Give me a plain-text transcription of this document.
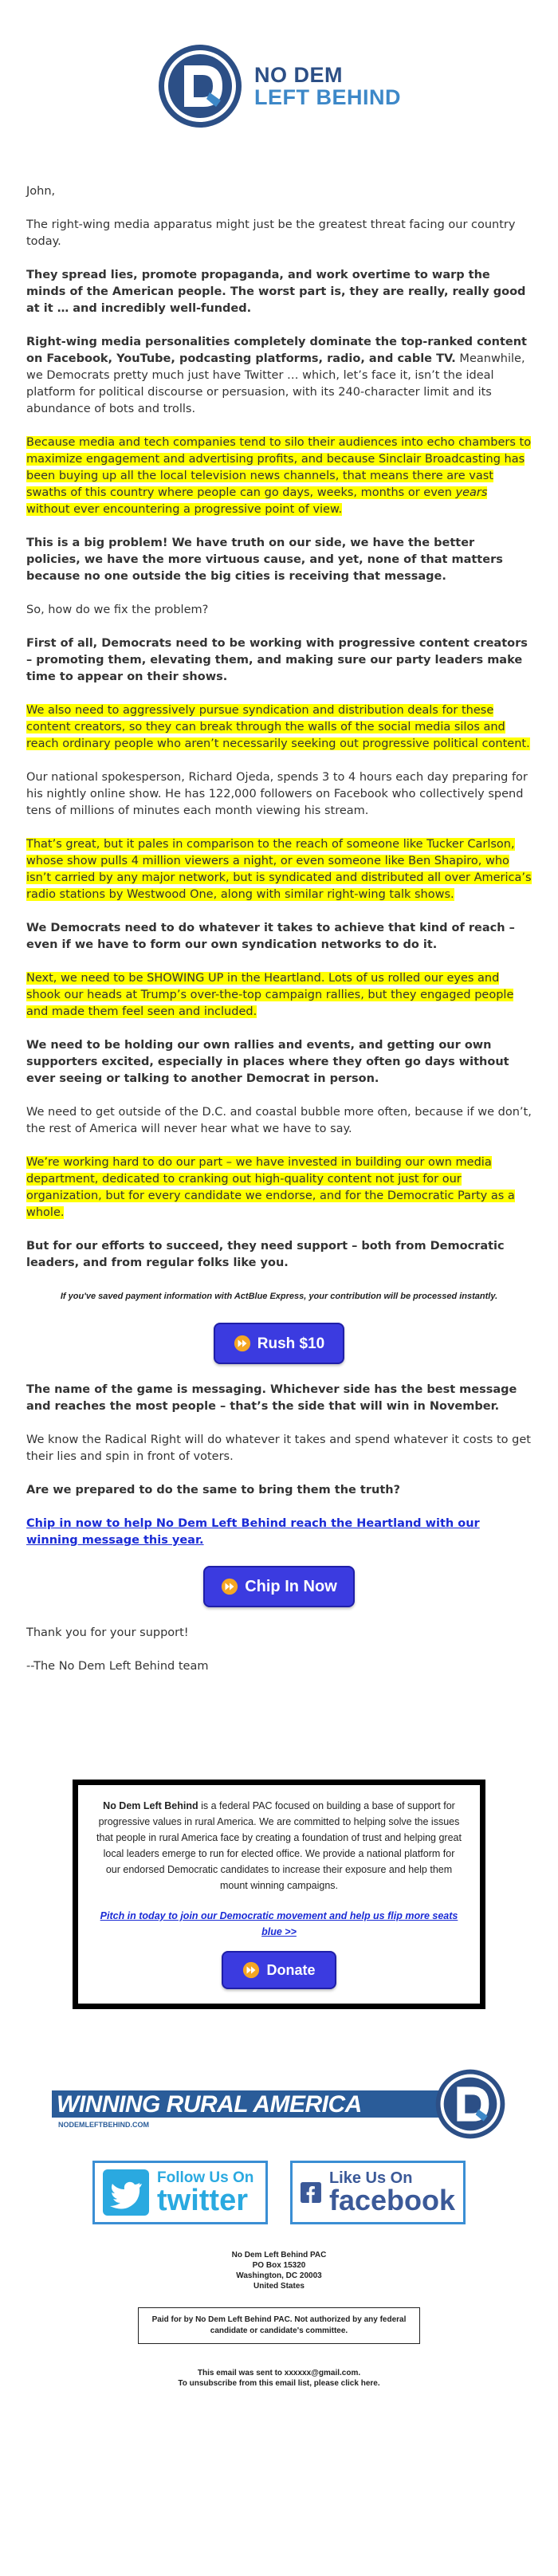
NO DEM
LEFT BEHIND

John,

The right-wing media apparatus might just be the greatest threat facing our country today.

They spread lies, promote propaganda, and work overtime to warp the minds of the American people. The worst part is, they are really, really good at it … and incredibly well-funded.

Right-wing media personalities completely dominate the top-ranked content on Facebook, YouTube, podcasting platforms, radio, and cable TV. Meanwhile, we Democrats pretty much just have Twitter … which, let’s face it, isn’t the ideal platform for political discourse or persuasion, with its 240-character limit and its abundance of bots and trolls.

Because media and tech companies tend to silo their audiences into echo chambers to maximize engagement and advertising profits, and because Sinclair Broadcasting has been buying up all the local television news channels, that means there are vast swaths of this country where people can go days, weeks, months or even years without ever encountering a progressive point of view.

This is a big problem! We have truth on our side, we have the better policies, we have the more virtuous cause, and yet, none of that matters because no one outside the big cities is receiving that message.

So, how do we fix the problem?

First of all, Democrats need to be working with progressive content creators – promoting them, elevating them, and making sure our party leaders make time to appear on their shows.

We also need to aggressively pursue syndication and distribution deals for these content creators, so they can break through the walls of the social media silos and reach ordinary people who aren’t necessarily seeking out progressive political content.

Our national spokesperson, Richard Ojeda, spends 3 to 4 hours each day preparing for his nightly online show. He has 122,000 followers on Facebook who collectively spend tens of millions of minutes each month viewing his stream.

That’s great, but it pales in comparison to the reach of someone like Tucker Carlson, whose show pulls 4 million viewers a night, or even someone like Ben Shapiro, who isn’t carried by any major network, but is syndicated and distributed all over America’s radio stations by Westwood One, along with similar right-wing talk shows.

We Democrats need to do whatever it takes to achieve that kind of reach – even if we have to form our own syndication networks to do it.

Next, we need to be SHOWING UP in the Heartland. Lots of us rolled our eyes and shook our heads at Trump’s over-the-top campaign rallies, but they engaged people and made them feel seen and included.

We need to be holding our own rallies and events, and getting our own supporters excited, especially in places where they often go days without ever seeing or talking to another Democrat in person.

We need to get outside of the D.C. and coastal bubble more often, because if we don’t, the rest of America will never hear what we have to say.

We’re working hard to do our part – we have invested in building our own media department, dedicated to cranking out high-quality content not just for our organization, but for every candidate we endorse, and for the Democratic Party as a whole.

But for our efforts to succeed, they need support – both from Democratic leaders, and from regular folks like you.

If you've saved payment information with ActBlue Express, your contribution will be processed instantly.
Rush $10

The name of the game is messaging. Whichever side has the best message and reaches the most people – that’s the side that will win in November.

We know the Radical Right will do whatever it takes and spend whatever it costs to get their lies and spin in front of voters.

Are we prepared to do the same to bring them the truth?

Chip in now to help No Dem Left Behind reach the Heartland with our winning message this year.

Chip In Now

Thank you for your support!

--The No Dem Left Behind team

No Dem Left Behind is a federal PAC focused on building a base of support for progressive values in rural America. We are committed to helping solve the issues that people in rural America face by creating a foundation of trust and helping great local leaders emerge to run for elected office. We provide a national platform for our endorsed Democratic candidates to increase their exposure and help them mount winning campaigns.
Pitch in today to join our Democratic movement and help us flip more seats blue >>
Donate
WINNING RURAL AMERICA
NODEMLEFTBEHIND.COM
Follow Us On
twitter
Like Us On
facebook
No Dem Left Behind PAC
PO Box 15320
Washington, DC 20003
United States
Paid for by No Dem Left Behind PAC. Not authorized by any federal candidate or candidate's committee.
This email was sent to xxxxxx@gmail.com.
To unsubscribe from this email list, please click here.
